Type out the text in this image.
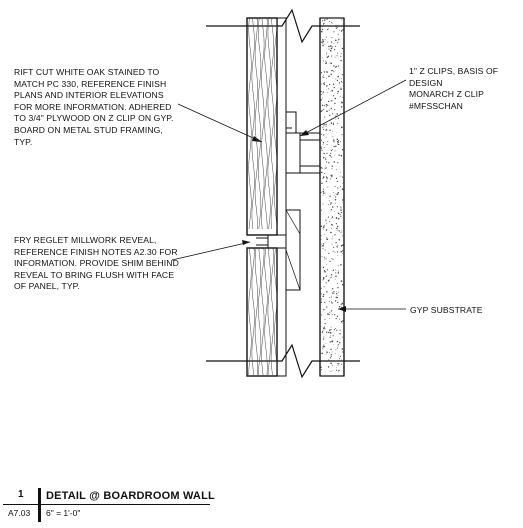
RIFT CUT WHITE OAK STAINED TO
MATCH PC 330, REFERENCE FINISH
PLANS AND INTERIOR ELEVATIONS
FOR MORE INFORMATION. ADHERED
TO 3/4" PLYWOOD ON Z CLIP ON GYP.
BOARD ON METAL STUD FRAMING,
TYP.
FRY REGLET MILLWORK REVEAL,
REFERENCE FINISH NOTES A2.30 FOR
INFORMATION. PROVIDE SHIM BEHIND
REVEAL TO BRING FLUSH WITH FACE
OF PANEL, TYP.
1" Z CLIPS, BASIS OF DESIGN
MONARCH Z CLIP #MFSSCHAN
GYP SUBSTRATE
1
A7.03
DETAIL @ BOARDROOM WALL
6" = 1'-0"
